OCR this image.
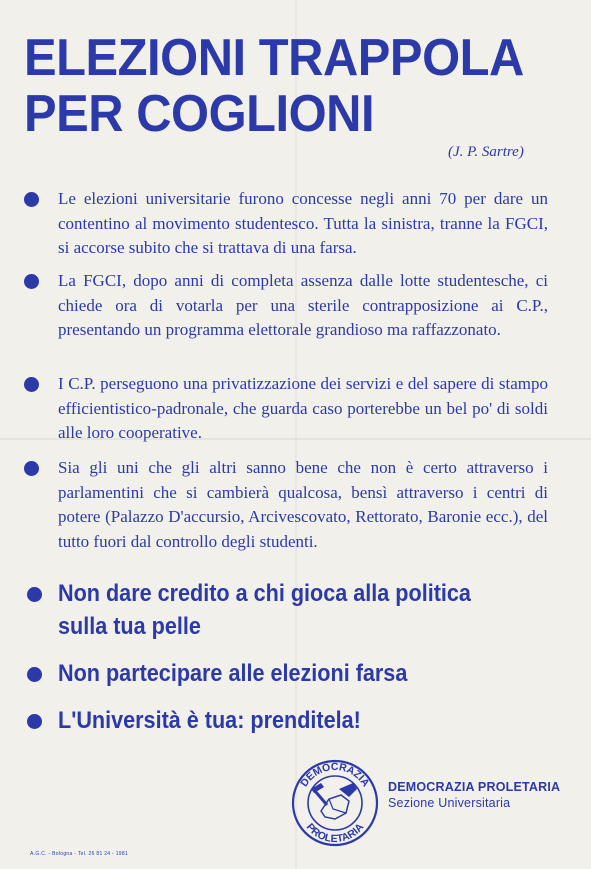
ELEZIONI TRAPPOLA
PER COGLIONI
(J. P. Sartre)
Le elezioni universitarie furono concesse negli anni 70 per dare un contentino al movimento studentesco. Tutta la sinistra, tranne la FGCI, si accorse subito che si trattava di una farsa.
La FGCI, dopo anni di completa assenza dalle lotte studentesche, ci chiede ora di votarla per una sterile contrapposizione ai C.P., presentando un programma elettorale grandioso ma raffazzonato.
I C.P. perseguono una privatizzazione dei servizi e del sapere di stampo efficientistico-padronale, che guarda caso porterebbe un bel po' di soldi alle loro cooperative.
Sia gli uni che gli altri sanno bene che non è certo attraverso i parlamentini che si cambierà qualcosa, bensì attraverso i centri di potere (Palazzo D'accursio, Arcivescovato, Rettorato, Baronie ecc.), del tutto fuori dal controllo degli studenti.
Non dare credito a chi gioca alla politica
sulla tua pelle
Non partecipare alle elezioni farsa
L'Università è tua: prenditela!
DEMOCRAZIA
PROLETARIA
DEMOCRAZIA PROLETARIA
Sezione Universitaria
A.G.C. - Bologna - Tel. 26 81 24 - 1981
